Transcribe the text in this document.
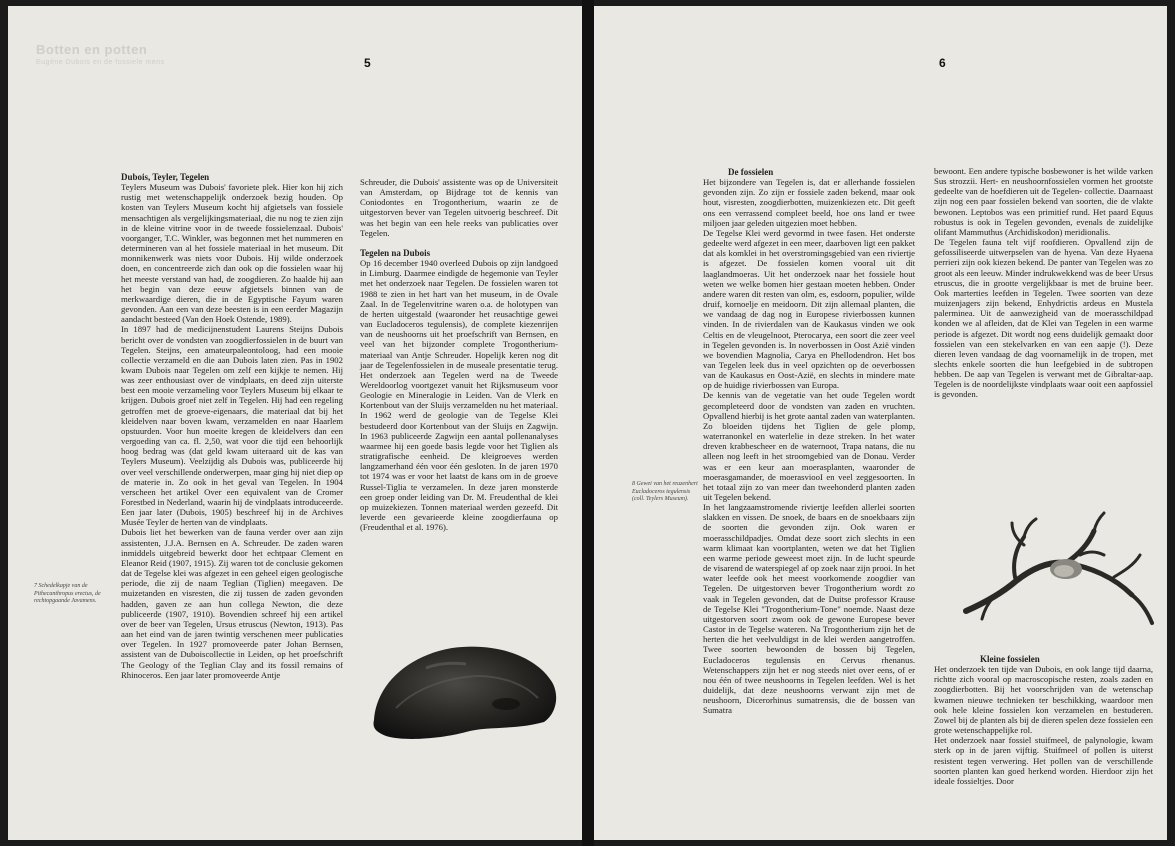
Botten en potten
Eugène Dubois en de fossiele mens	5
Dubois, Teyler, Tegelen

Teylers Museum was Dubois' favoriete plek. Hier kon hij zich rustig met wetenschappelijk onderzoek bezig houden. Op kosten van Teylers Museum kocht hij afgietsels van fossiele mensachtigen als vergelijkingsmateriaal, die nu nog te zien zijn in de kleine vitrine voor in de tweede fossielenzaal. Dubois' voorganger, T.C. Winkler, was begonnen met het nummeren en determineren van al het fossiele materiaal in het museum. Dit monnikenwerk was niets voor Dubois. Hij wilde onderzoek doen, en concentreerde zich dan ook op die fossielen waar hij het meeste verstand van had, de zoogdieren. Zo haalde hij aan het begin van deze eeuw afgietsels binnen van de merkwaardige dieren, die in de Egyptische Fayum waren gevonden. Aan een van deze beesten is in een eerder Magazijn aandacht besteed (Van den Hoek Ostende, 1989).

In 1897 had de medicijnenstudent Laurens Steijns Dubois bericht over de vondsten van zoogdierfossielen in de buurt van Tegelen. Steijns, een amateurpaleontoloog, had een mooie collectie verzameld en die aan Dubois laten zien. Pas in 1902 kwam Dubois naar Tegelen om zelf een kijkje te nemen. Hij was zeer enthousiast over de vindplaats, en deed zijn uiterste best een mooie verzameling voor Teylers Museum bij elkaar te krijgen. Dubois groef niet zelf in Tegelen. Hij had een regeling getroffen met de groeve-eigenaars, die materiaal dat bij het kleidelven naar boven kwam, verzamelden en naar Haarlem opstuurden. Voor hun moeite kregen de kleidelvers dan een vergoeding van ca. fl. 2,50, wat voor die tijd een behoorlijk hoog bedrag was (dat geld kwam uiteraard uit de kas van Teylers Museum). Veelzijdig als Dubois was, publiceerde hij over veel verschillende onderwerpen, maar ging hij niet diep op de materie in. Zo ook in het geval van Tegelen. In 1904 verscheen het artikel Over een equivalent van de Cromer Forestbed in Nederland, waarin hij de vindplaats introduceerde. Een jaar later (Dubois, 1905) beschreef hij in de Archives Musée Teyler de herten van de vindplaats.

Dubois liet het bewerken van de fauna verder over aan zijn assistenten, J.J.A. Bernsen en A. Schreuder. De zaden waren inmiddels uitgebreid bewerkt door het echtpaar Clement en Eleanor Reid (1907, 1915). Zij waren tot de conclusie gekomen dat de Tegelse klei was afgezet in een geheel eigen geologische periode, die zij de naam Teglian (Tiglien) meegaven. De muizetanden en visresten, die zij tussen de zaden gevonden hadden, gaven ze aan hun collega Newton, die deze publiceerde (1907, 1910). Bovendien schreef hij een artikel over de beer van Tegelen, Ursus etruscus (Newton, 1913). Pas aan het eind van de jaren twintig verschenen meer publicaties over Tegelen. In 1927 promoveerde pater Johan Bernsen, assistent van de Duboiscollectie in Leiden, op het proefschrift The Geology of the Teglian Clay and its fossil remains of Rhinoceros. Een jaar later promoveerde Antje

7 Schedelkapje van de Pithecanthropus erectus, de rechtopgaande Javamens.

Schreuder, die Dubois' assistente was op de Universiteit van Amsterdam, op Bijdrage tot de kennis van Coniodontes en Trogontherium, waarin ze de uitgestorven bever van Tegelen uitvoerig beschreef. Dit was het begin van een hele reeks van publicaties over Tegelen.

Tegelen na Dubois

Op 16 december 1940 overleed Dubois op zijn landgoed in Limburg. Daarmee eindigde de hegemonie van Teyler met het onderzoek naar Tegelen. De fossielen waren tot 1988 te zien in het hart van het museum, in de Ovale Zaal. In de Tegelenvitrine waren o.a. de holotypen van de herten uitgestald (waaronder het reusachtige gewei van Eucladoceros tegulensis), de complete kiezenrijen van de neushoorns uit het proefschrift van Bernsen, en veel van het bijzonder complete Trogontherium-materiaal van Antje Schreuder. Hopelijk keren nog dit jaar de Tegelenfossielen in de museale presentatie terug. Het onderzoek aan Tegelen werd na de Tweede Wereldoorlog voortgezet vanuit het Rijksmuseum voor Geologie en Mineralogie in Leiden. Van de Vlerk en Kortenbout van der Sluijs verzamelden nu het materiaal. In 1962 werd de geologie van de Tegelse Klei bestudeerd door Kortenbout van der Sluijs en Zagwijn. In 1963 publiceerde Zagwijn een aantal pollenanalyses waarmee hij een goede basis legde voor het Tiglien als stratigrafische eenheid. De kleigroeves werden langzamerhand één voor één gesloten. In de jaren 1970 tot 1974 was er voor het laatst de kans om in de groeve Russel-Tiglia te verzamelen. In deze jaren monsterde een groep onder leiding van Dr. M. Freudenthal de klei op muizekiezen. Tonnen materiaal werden gezeefd. Dit leverde een gevarieerde kleine zoogdierfauna op (Freudenthal et al. 1976).

6
8 Gewei van het reuzenhert Eucladoceros tegulensis (coll. Teylers Museum).
De fossielen

Het bijzondere van Tegelen is, dat er allerhande fossielen gevonden zijn. Zo zijn er fossiele zaden bekend, maar ook hout, visresten, zoogdierbotten, muizenkiezen etc. Dit geeft ons een verrassend compleet beeld, hoe ons land er twee miljoen jaar geleden uitgezien moet hebben.

De Tegelse Klei werd gevormd in twee fasen. Het onderste gedeelte werd afgezet in een meer, daarboven ligt een pakket dat als komklei in het overstromingsgebied van een riviertje is afgezet. De fossielen komen vooral uit dit laaglandmoeras. Uit het onderzoek naar het fossiele hout weten we welke bomen hier gestaan moeten hebben. Onder andere waren dit resten van olm, es, esdoorn, populier, wilde druif, kornoelje en meidoorn. Dit zijn allemaal planten, die we vandaag de dag nog in Europese rivierbossen kunnen vinden. In de rivierdalen van de Kaukasus vinden we ook Celtis en de vleugelnoot, Pterocarya, een soort die zeer veel in Tegelen gevonden is. In noverbossen in Oost Azië vinden we bovendien Magnolia, Carya en Phellodendron. Het bos van Tegelen leek dus in veel opzichten op de oeverbossen van de Kaukasus en Oost-Azië, en slechts in mindere mate op de huidige rivierbossen van Europa.

De kennis van de vegetatie van het oude Tegelen wordt gecompleteerd door de vondsten van zaden en vruchten. Opvallend hierbij is het grote aantal zaden van waterplanten. Zo bloeiden tijdens het Tiglien de gele plomp, waterranonkel en waterlelie in deze streken. In het water dreven krabbescheer en de waternoot, Trapa natans, die nu alleen nog leeft in het stroomgebied van de Donau. Verder was er een keur aan moerasplanten, waaronder de moerasgamander, de moerasviooI en veel zeggesoorten. In het totaal zijn zo van meer dan tweehonderd planten zaden uit Tegelen bekend.

In het langzaamstromende riviertje leefden allerlei soorten slakken en vissen. De snoek, de baars en de snoekbaars zijn de soorten die gevonden zijn. Ook waren er moerasschildpadjes. Omdat deze soort zich slechts in een warm klimaat kan voortplanten, weten we dat het Tiglien een warme periode geweest moet zijn. In de lucht speurde de visarend de waterspiegel af op zoek naar zijn prooi. In het water leefde ook het meest voorkomende zoogdier van Tegelen. De uitgestorven bever Trogontherium wordt zo vaak in Tegelen gevonden, dat de Duitse professor Krause de Tegelse Klei "Trogontherium-Tone" noemde. Naast deze uitgestorven soort zwom ook de gewone Europese bever Castor in de Tegelse wateren. Na Trogontherium zijn het de herten die het veelvuldigst in de klei werden aangetroffen. Twee soorten bewoonden de bossen bij Tegelen, Eucladoceros tegulensis en Cervus rhenanus. Wetenschappers zijn het er nog steeds niet over eens, of er nou één of twee neushoorns in Tegelen leefden. Wel is het duidelijk, dat deze neushoorns verwant zijn met de neushoorn, Dicerorhinus sumatrensis, die de bossen van Sumatra

bewoont. Een andere typische bosbewoner is het wilde varken Sus strozzii. Hert- en neushoornfossielen vormen het grootste gedeelte van de hoefdieren uit de Tegelen- collectie. Daarnaast zijn nog een paar fossielen bekend van soorten, die de vlakte bewonen. Leptobos was een primitief rund. Het paard Equus robustus is ook in Tegelen gevonden, evenals de zuidelijke olifant Mammuthus (Archidiskodon) meridionalis.

De Tegelen fauna telt vijf roofdieren. Opvallend zijn de gefossiliseerde uitwerpselen van de hyena. Van deze Hyaena perrieri zijn ook kiezen bekend. De panter van Tegelen was zo groot als een leeuw. Minder indrukwekkend was de beer Ursus etruscus, die in grootte vergelijkbaar is met de bruine beer. Ook marterties leefden in Tegelen. Twee soorten van deze muizenjagers zijn bekend, Enhydrictis ardeus en Mustela palerminea. Uit de aanwezigheid van de moerasschildpad konden we al afleiden, dat de Klei van Tegelen in een warme periode is afgezet. Dit wordt nog eens duidelijk gemaakt door fossielen van een stekelvarken en van een aapje (!). Deze dieren leven vandaag de dag voornamelijk in de tropen, met slechts enkele soorten die hun leefgebied in de subtropen hebben. De aap van Tegelen is verwant met de Gibraltar-aap. Tegelen is de noordelijkste vindplaats waar ooit een aapfossiel is gevonden.

Kleine fossielen

Het onderzoek ten tijde van Dubois, en ook lange tijd daarna, richtte zich vooral op macroscopische resten, zoals zaden en zoogdierbotten. Bij het voorschrijden van de wetenschap kwamen nieuwe technieken ter beschikking, waardoor men ook hele kleine fossielen kon verzamelen en bestuderen. Zowel bij de planten als bij de dieren spelen deze fossielen een grote wetenschappelijke rol.

Het onderzoek naar fossiel stuifmeel, de palynologie, kwam sterk op in de jaren vijftig. Stuifmeel of pollen is uiterst resistent tegen verwering. Het pollen van de verschillende soorten planten kan goed herkend worden. Hierdoor zijn het ideale fossieltjes. Door
